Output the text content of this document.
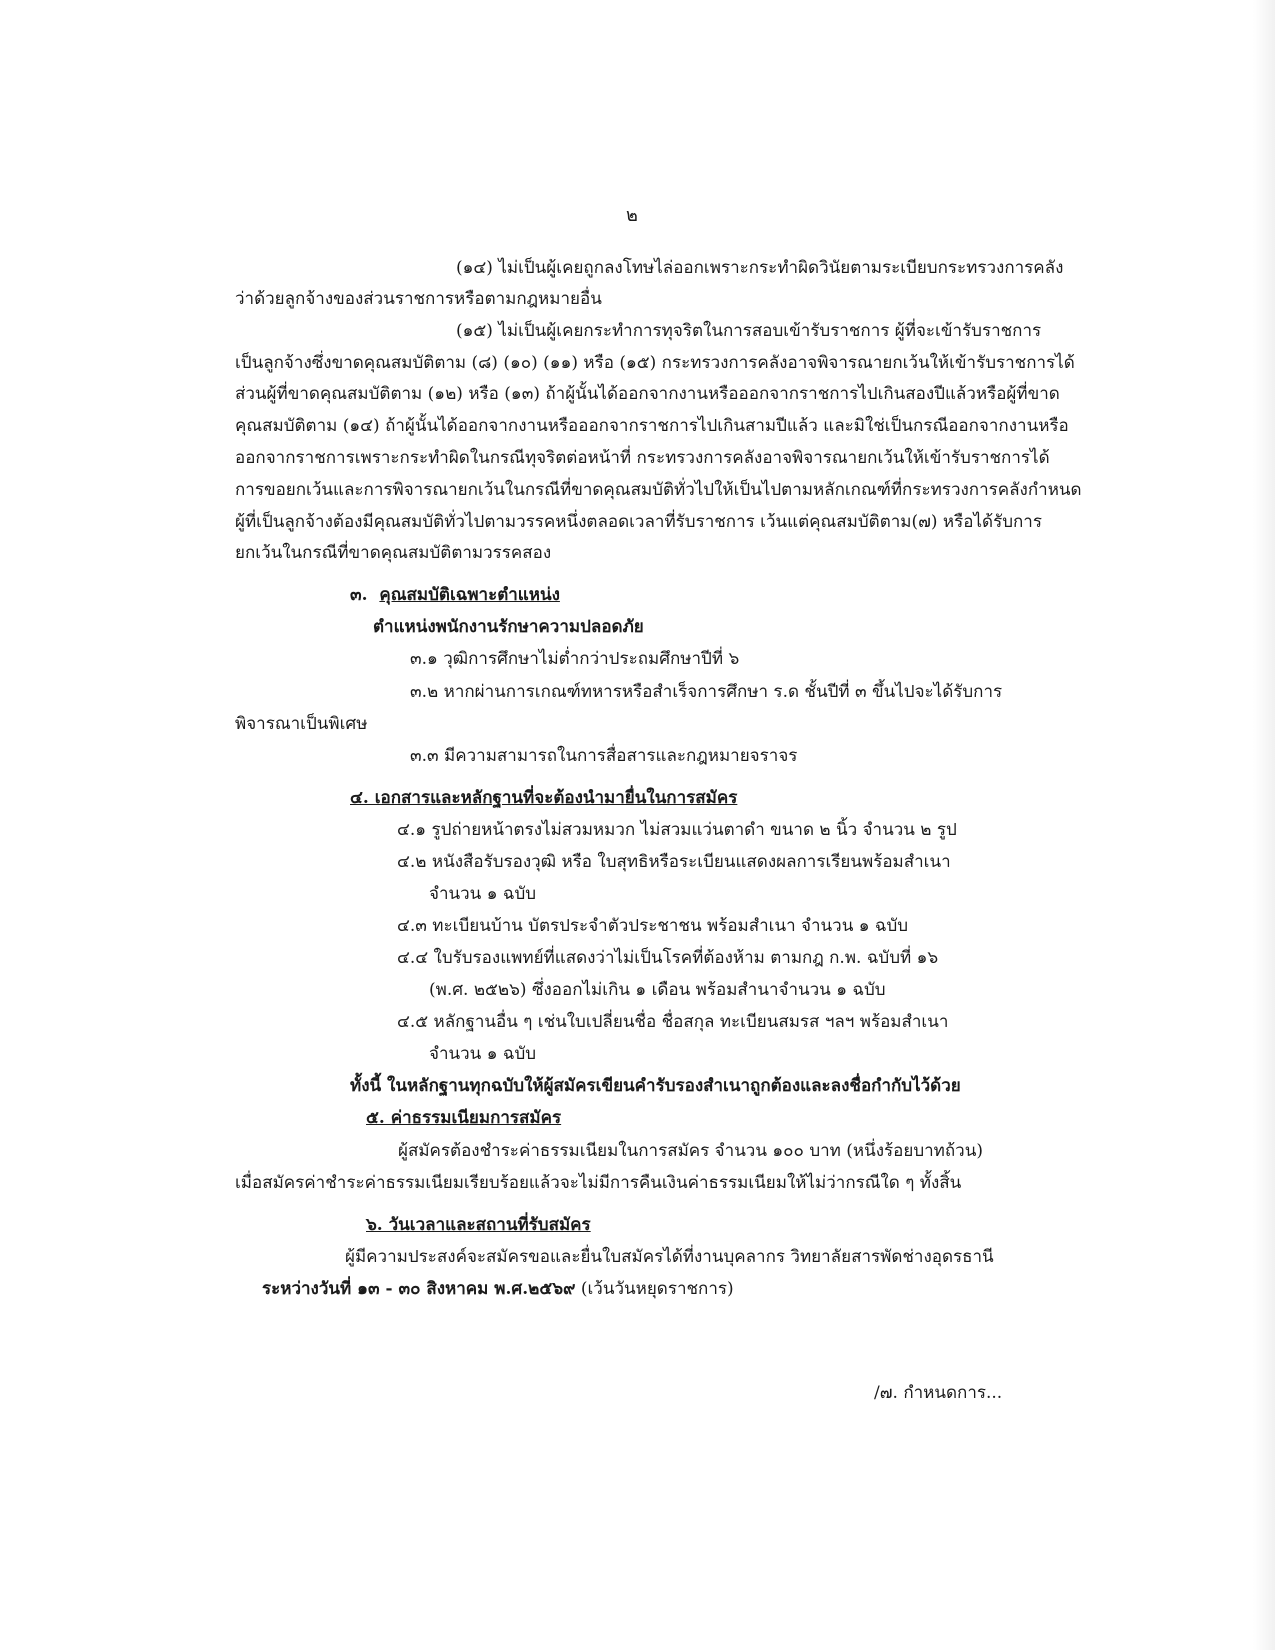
๒
(๑๔) ไม่เป็นผู้เคยถูกลงโทษไล่ออกเพราะกระทำผิดวินัยตามระเบียบกระทรวงการคลัง
ว่าด้วยลูกจ้างของส่วนราชการหรือตามกฎหมายอื่น
(๑๕) ไม่เป็นผู้เคยกระทำการทุจริตในการสอบเข้ารับราชการ ผู้ที่จะเข้ารับราชการ
เป็นลูกจ้างซึ่งขาดคุณสมบัติตาม (๘) (๑๐) (๑๑) หรือ (๑๕) กระทรวงการคลังอาจพิจารณายกเว้นให้เข้ารับราชการได้
ส่วนผู้ที่ขาดคุณสมบัติตาม (๑๒) หรือ (๑๓) ถ้าผู้นั้นได้ออกจากงานหรือออกจากราชการไปเกินสองปีแล้วหรือผู้ที่ขาด
คุณสมบัติตาม (๑๔) ถ้าผู้นั้นได้ออกจากงานหรือออกจากราชการไปเกินสามปีแล้ว และมิใช่เป็นกรณีออกจากงานหรือ
ออกจากราชการเพราะกระทำผิดในกรณีทุจริตต่อหน้าที่ กระทรวงการคลังอาจพิจารณายกเว้นให้เข้ารับราชการได้
การขอยกเว้นและการพิจารณายกเว้นในกรณีที่ขาดคุณสมบัติทั่วไปให้เป็นไปตามหลักเกณฑ์ที่กระทรวงการคลังกำหนด
ผู้ที่เป็นลูกจ้างต้องมีคุณสมบัติทั่วไปตามวรรคหนึ่งตลอดเวลาที่รับราชการ เว้นแต่คุณสมบัติตาม(๗) หรือได้รับการ
ยกเว้นในกรณีที่ขาดคุณสมบัติตามวรรคสอง
๓. คุณสมบัติเฉพาะตำแหน่ง
ตำแหน่งพนักงานรักษาความปลอดภัย
๓.๑ วุฒิการศึกษาไม่ต่ำกว่าประถมศึกษาปีที่ ๖
๓.๒ หากผ่านการเกณฑ์ทหารหรือสำเร็จการศึกษา ร.ด ชั้นปีที่ ๓ ขึ้นไปจะได้รับการ
พิจารณาเป็นพิเศษ
๓.๓ มีความสามารถในการสื่อสารและกฎหมายจราจร
๔. เอกสารและหลักฐานที่จะต้องนำมายื่นในการสมัคร
๔.๑ รูปถ่ายหน้าตรงไม่สวมหมวก ไม่สวมแว่นตาดำ ขนาด ๒ นิ้ว จำนวน ๒ รูป
๔.๒ หนังสือรับรองวุฒิ หรือ ใบสุทธิหรือระเบียนแสดงผลการเรียนพร้อมสำเนา
จำนวน ๑ ฉบับ
๔.๓ ทะเบียนบ้าน บัตรประจำตัวประชาชน พร้อมสำเนา จำนวน ๑ ฉบับ
๔.๔ ใบรับรองแพทย์ที่แสดงว่าไม่เป็นโรคที่ต้องห้าม ตามกฎ ก.พ. ฉบับที่ ๑๖
(พ.ศ. ๒๕๒๖) ซึ่งออกไม่เกิน ๑ เดือน พร้อมสำนาจำนวน ๑ ฉบับ
๔.๕ หลักฐานอื่น ๆ เช่นใบเปลี่ยนชื่อ ชื่อสกุล ทะเบียนสมรส ฯลฯ พร้อมสำเนา
จำนวน ๑ ฉบับ
ทั้งนี้ ในหลักฐานทุกฉบับให้ผู้สมัครเขียนคำรับรองสำเนาถูกต้องและลงชื่อกำกับไว้ด้วย
๕. ค่าธรรมเนียมการสมัคร
ผู้สมัครต้องชำระค่าธรรมเนียมในการสมัคร จำนวน ๑๐๐ บาท (หนึ่งร้อยบาทถ้วน)
เมื่อสมัครค่าชำระค่าธรรมเนียมเรียบร้อยแล้วจะไม่มีการคืนเงินค่าธรรมเนียมให้ไม่ว่ากรณีใด ๆ ทั้งสิ้น
๖. วันเวลาและสถานที่รับสมัคร
ผู้มีความประสงค์จะสมัครขอและยื่นใบสมัครได้ที่งานบุคลากร วิทยาลัยสารพัดช่างอุดรธานี
ระหว่างวันที่ ๑๓ - ๓๐ สิงหาคม พ.ศ.๒๕๖๙ (เว้นวันหยุดราชการ)
/๗. กำหนดการ...
